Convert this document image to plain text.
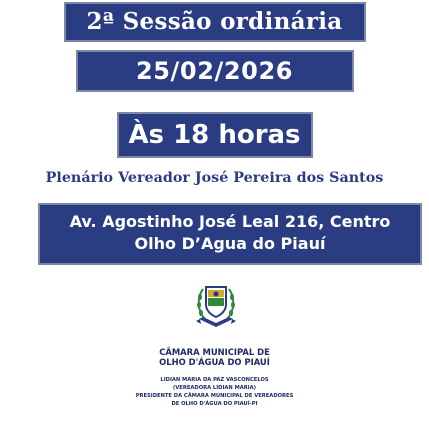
2ª Sessão ordinária
25/02/2026
Às 18 horas
Plenário Vereador José Pereira dos Santos
Av. Agostinho José Leal 216, Centro
Olho D’Agua do Piauí
CÂMARA MUNICIPAL DE
OLHO D'ÁGUA DO PIAUÍ
LIDIAN MARIA DA PAZ VASCONCELOS
(VEREADORA LIDIAN MARIA)
PRESIDENTE DA CÂMARA MUNICIPAL DE VEREADORES
DE OLHO D'ÁGUA DO PIAUÍ-PI
